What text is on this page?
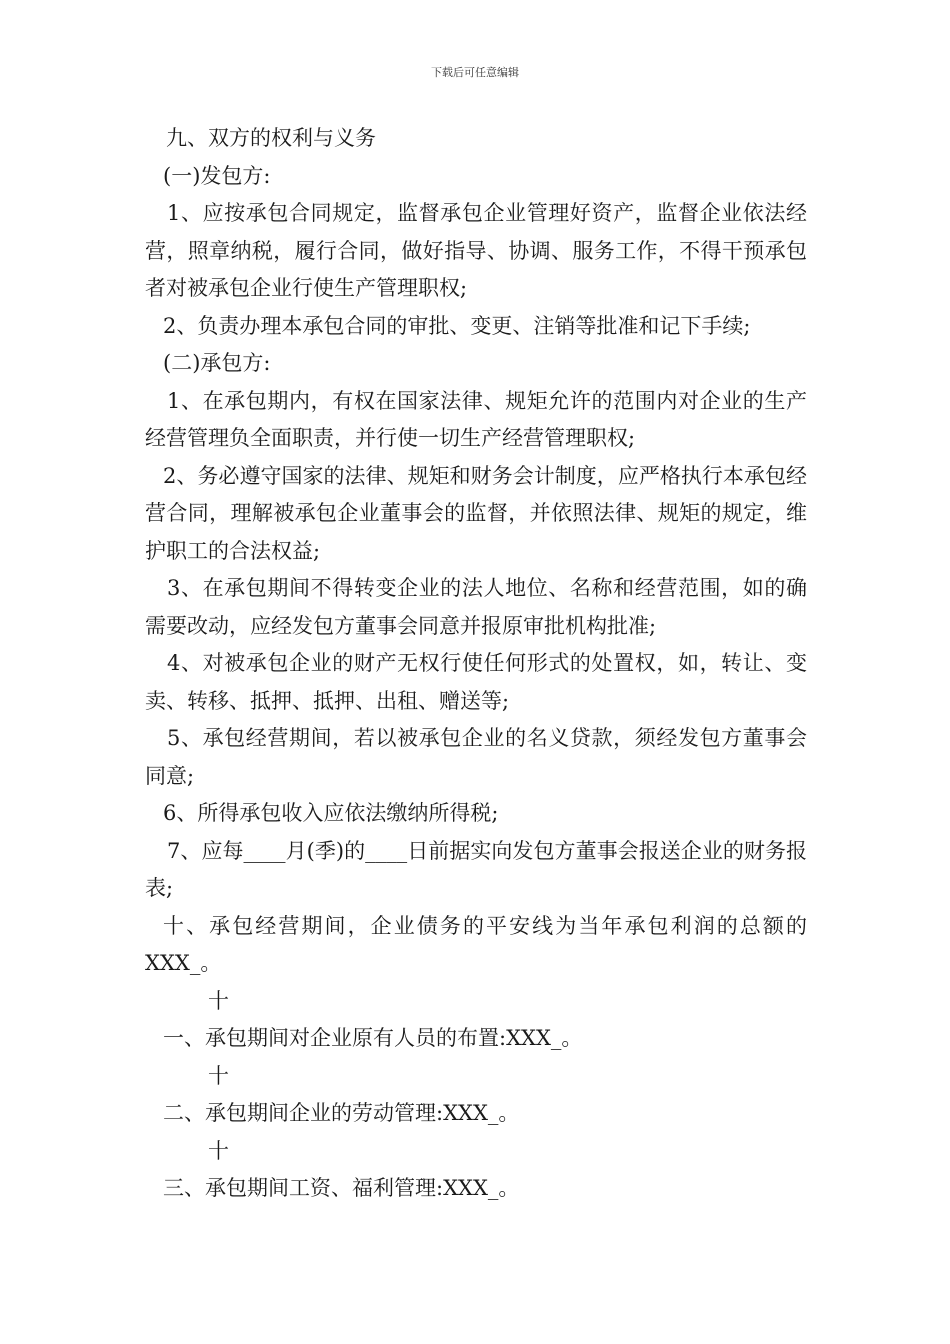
下载后可任意编辑

九、双方的权利与义务

(一)发包方:

1、应按承包合同规定，监督承包企业管理好资产，监督企业依法经营，照章纳税，履行合同，做好指导、协调、服务工作，不得干预承包者对被承包企业行使生产管理职权;

2、负责办理本承包合同的审批、变更、注销等批准和记下手续;

(二)承包方:

1、在承包期内，有权在国家法律、规矩允许的范围内对企业的生产经营管理负全面职责，并行使一切生产经营管理职权;

2、务必遵守国家的法律、规矩和财务会计制度，应严格执行本承包经营合同，理解被承包企业董事会的监督，并依照法律、规矩的规定，维护职工的合法权益;

3、在承包期间不得转变企业的法人地位、名称和经营范围，如的确需要改动，应经发包方董事会同意并报原审批机构批准;

4、对被承包企业的财产无权行使任何形式的处置权，如，转让、变卖、转移、抵押、抵押、出租、赠送等;

5、承包经营期间，若以被承包企业的名义贷款，须经发包方董事会同意;

6、所得承包收入应依法缴纳所得税;

7、应每____月(季)的____日前据实向发包方董事会报送企业的财务报表;

十、承包经营期间，企业债务的平安线为当年承包利润的总额的XXX_。

十

一、承包期间对企业原有人员的布置:XXX_。

十

二、承包期间企业的劳动管理:XXX_。

十

三、承包期间工资、福利管理:XXX_。
